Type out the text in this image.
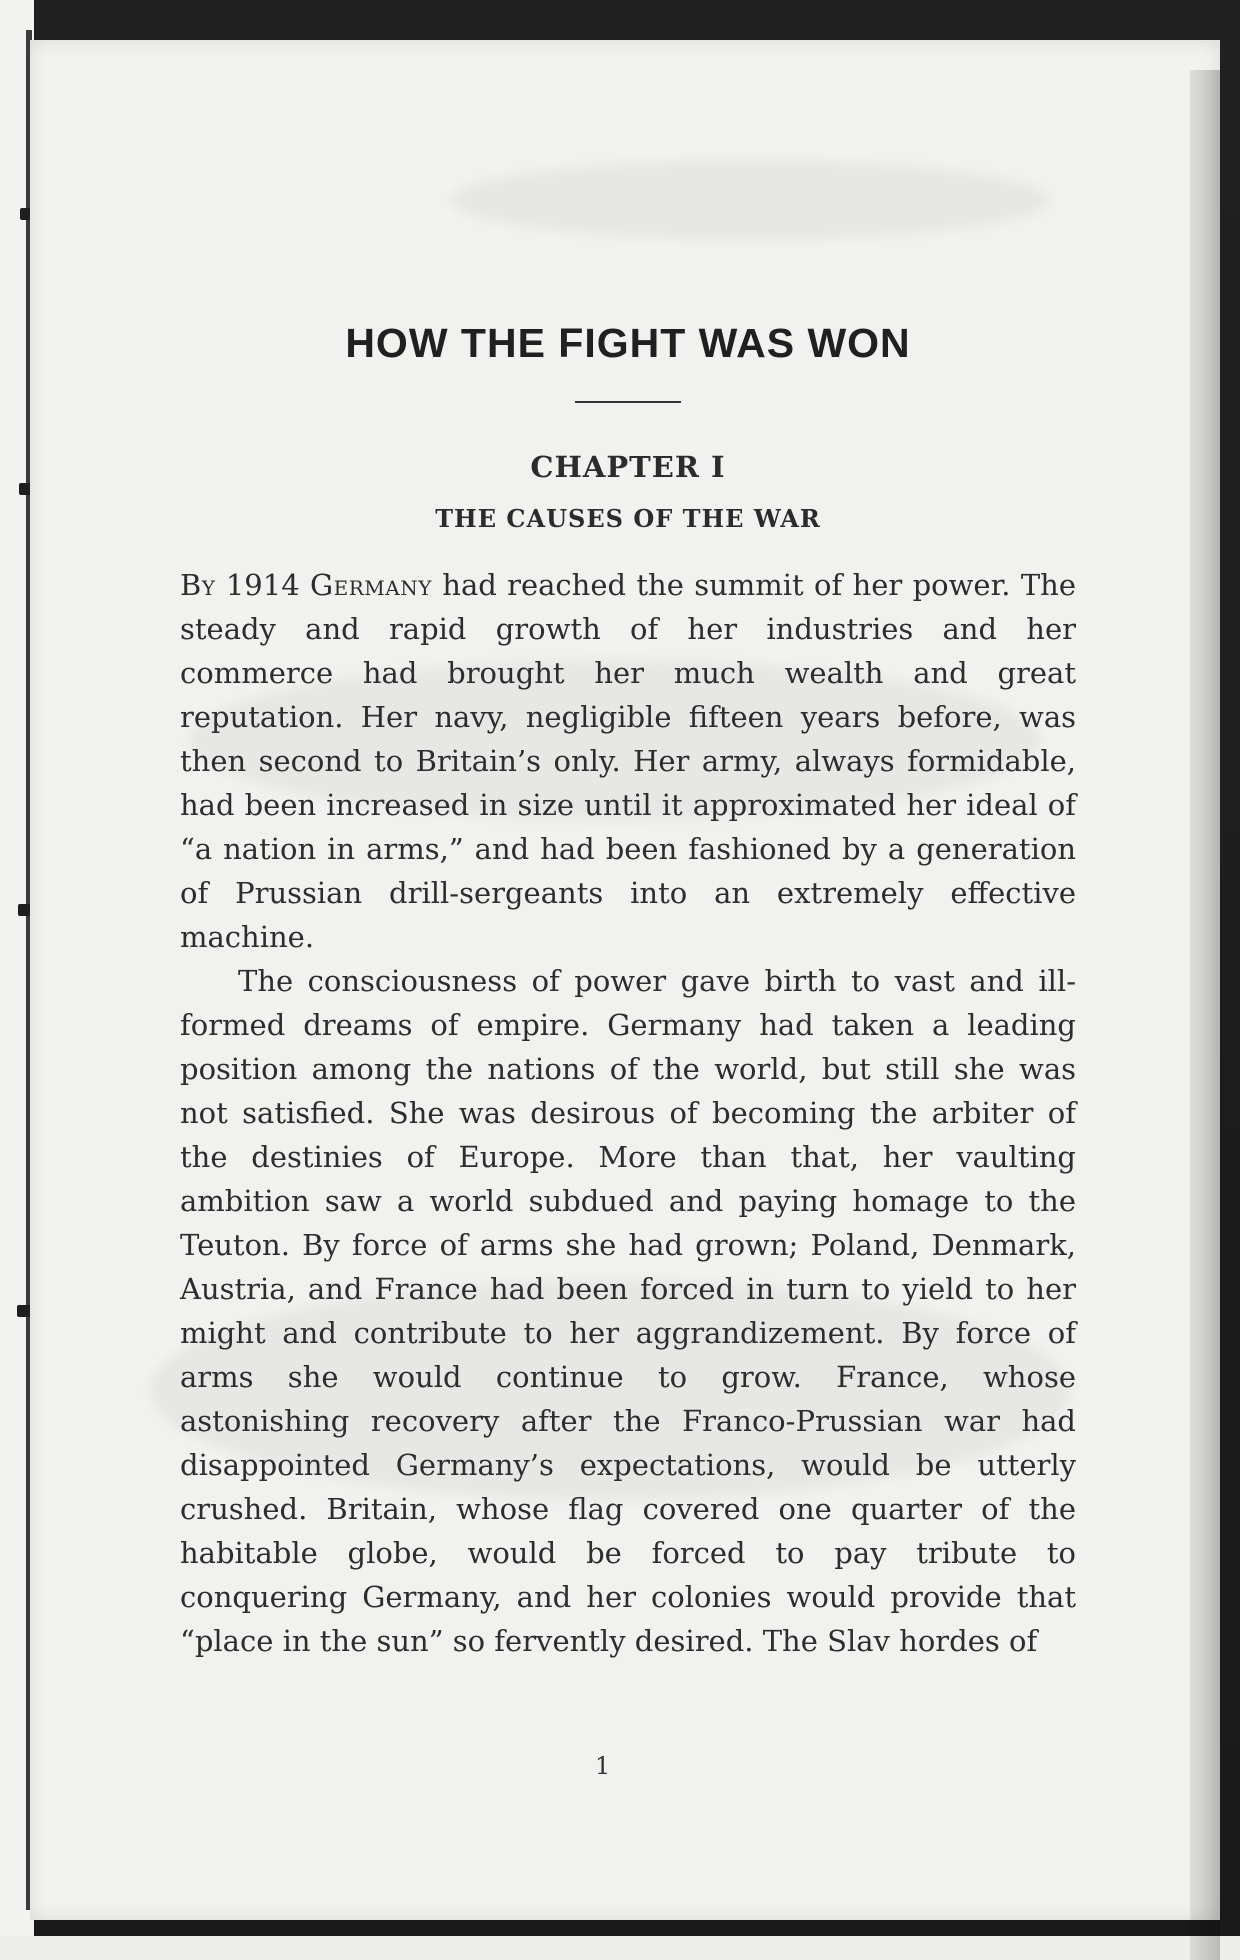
HOW THE FIGHT WAS WON
CHAPTER I
THE CAUSES OF THE WAR

By 1914 Germany had reached the summit of her power. The steady and rapid growth of her industries and her commerce had brought her much wealth and great reputation. Her navy, negligible fifteen years before, was then second to Britain’s only. Her army, always formidable, had been increased in size until it approximated her ideal of “a nation in arms,” and had been fashioned by a generation of Prussian drill-sergeants into an extremely effective machine.

The consciousness of power gave birth to vast and ill-formed dreams of empire. Germany had taken a leading position among the nations of the world, but still she was not satisfied. She was desirous of becoming the arbiter of the destinies of Europe. More than that, her vaulting ambition saw a world subdued and paying homage to the Teuton. By force of arms she had grown; Poland, Denmark, Austria, and France had been forced in turn to yield to her might and contribute to her aggrandizement. By force of arms she would continue to grow. France, whose astonishing recovery after the Franco-Prussian war had disappointed Germany’s expectations, would be utterly crushed. Britain, whose flag covered one quarter of the habitable globe, would be forced to pay tribute to conquering Germany, and her colonies would provide that “place in the sun” so fervently desired. The Slav hordes of

1
